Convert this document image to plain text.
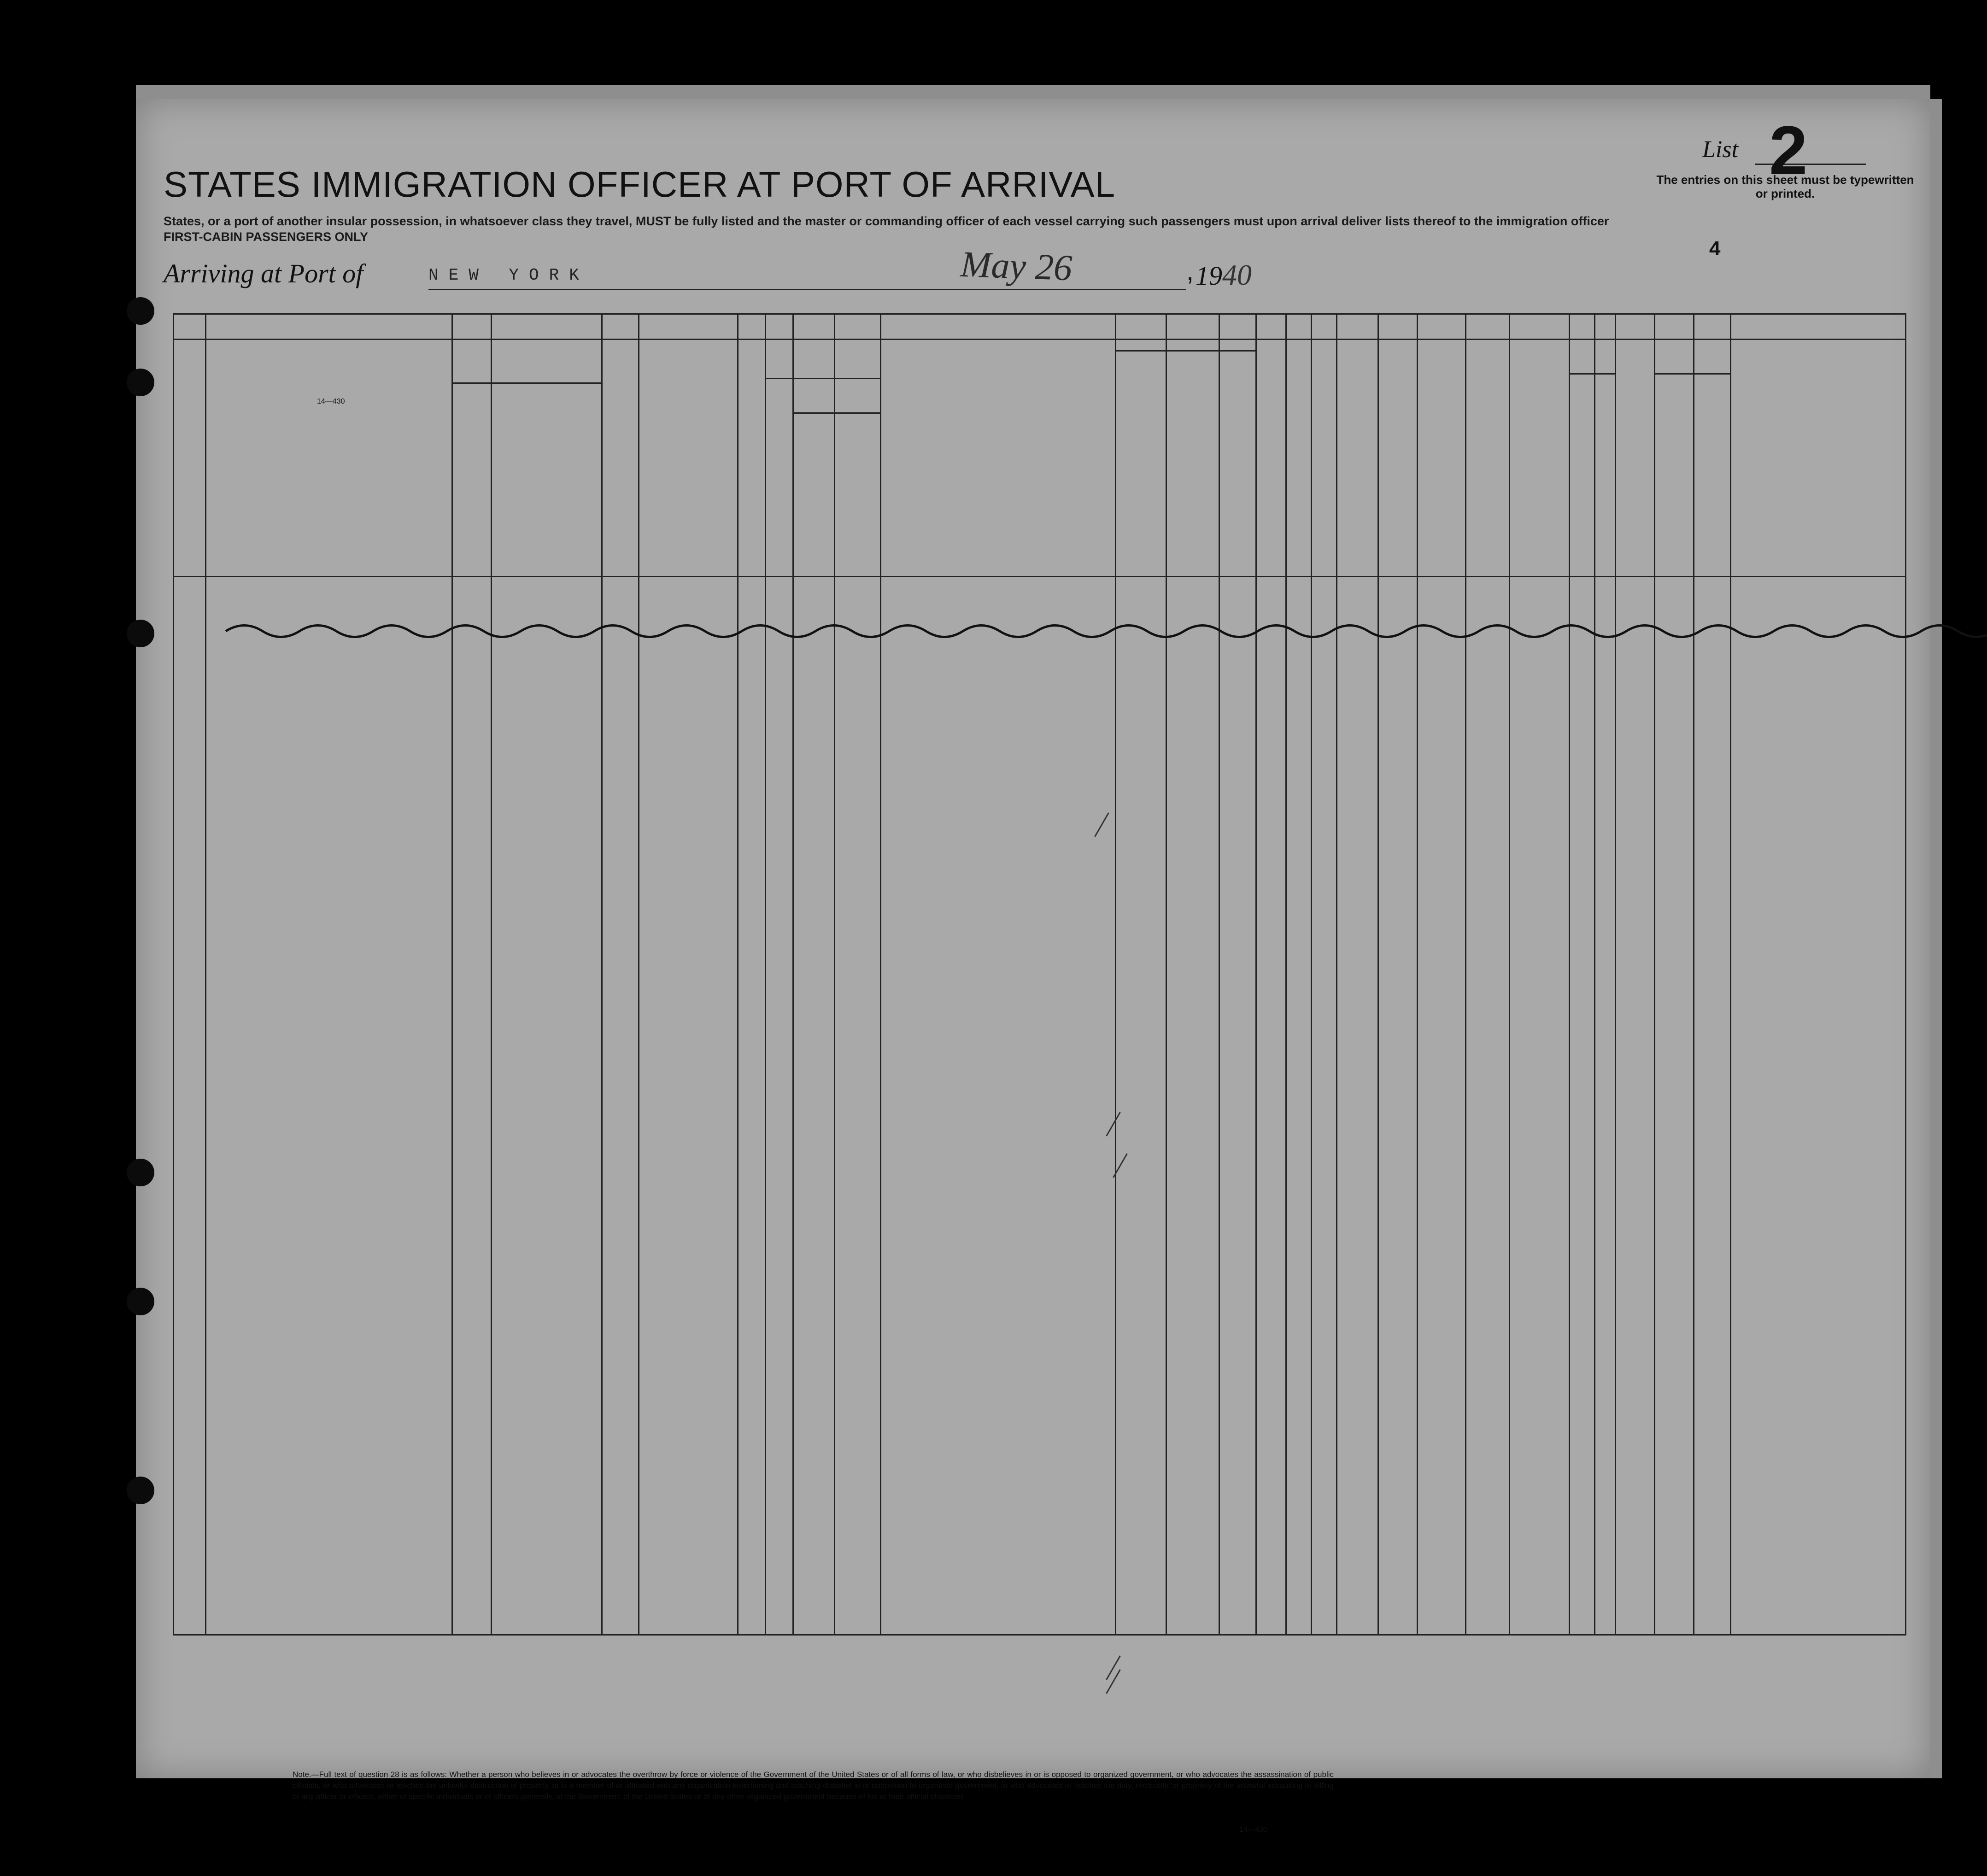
STATES IMMIGRATION OFFICER AT PORT OF ARRIVAL
States, or a port of another insular possession, in whatsoever class they travel, MUST be fully listed and the master or commanding officer of each vessel carrying such passengers must upon arrival deliver lists thereof to the immigration officer
FIRST-CABIN PASSENGERS ONLY
Arriving at Port of	NEW YORK	May 26	, 1940
14—430
List 2
The entries on this sheet must be typewritten or printed.
4
Note.—Full text of question 28 is as follows: Whether a person who believes in or advocates the overthrow by force or violence of the Government of the United States or of all forms of law, or who disbelieves in or is opposed to organized government, or who advocates the assassination of public officials, or who advocates or teaches the unlawful destruction of property, or is a member of or affiliated with any organization entertaining and teaching disbelief in or opposition to organized government, or who advocates or teaches the duty, necessity, or propriety of the unlawful assaulting or killing of any officer or officers, either of specific individuals or of officers generally, of the Government of the United States or of any other organized government because of his or their official character.
14—430
